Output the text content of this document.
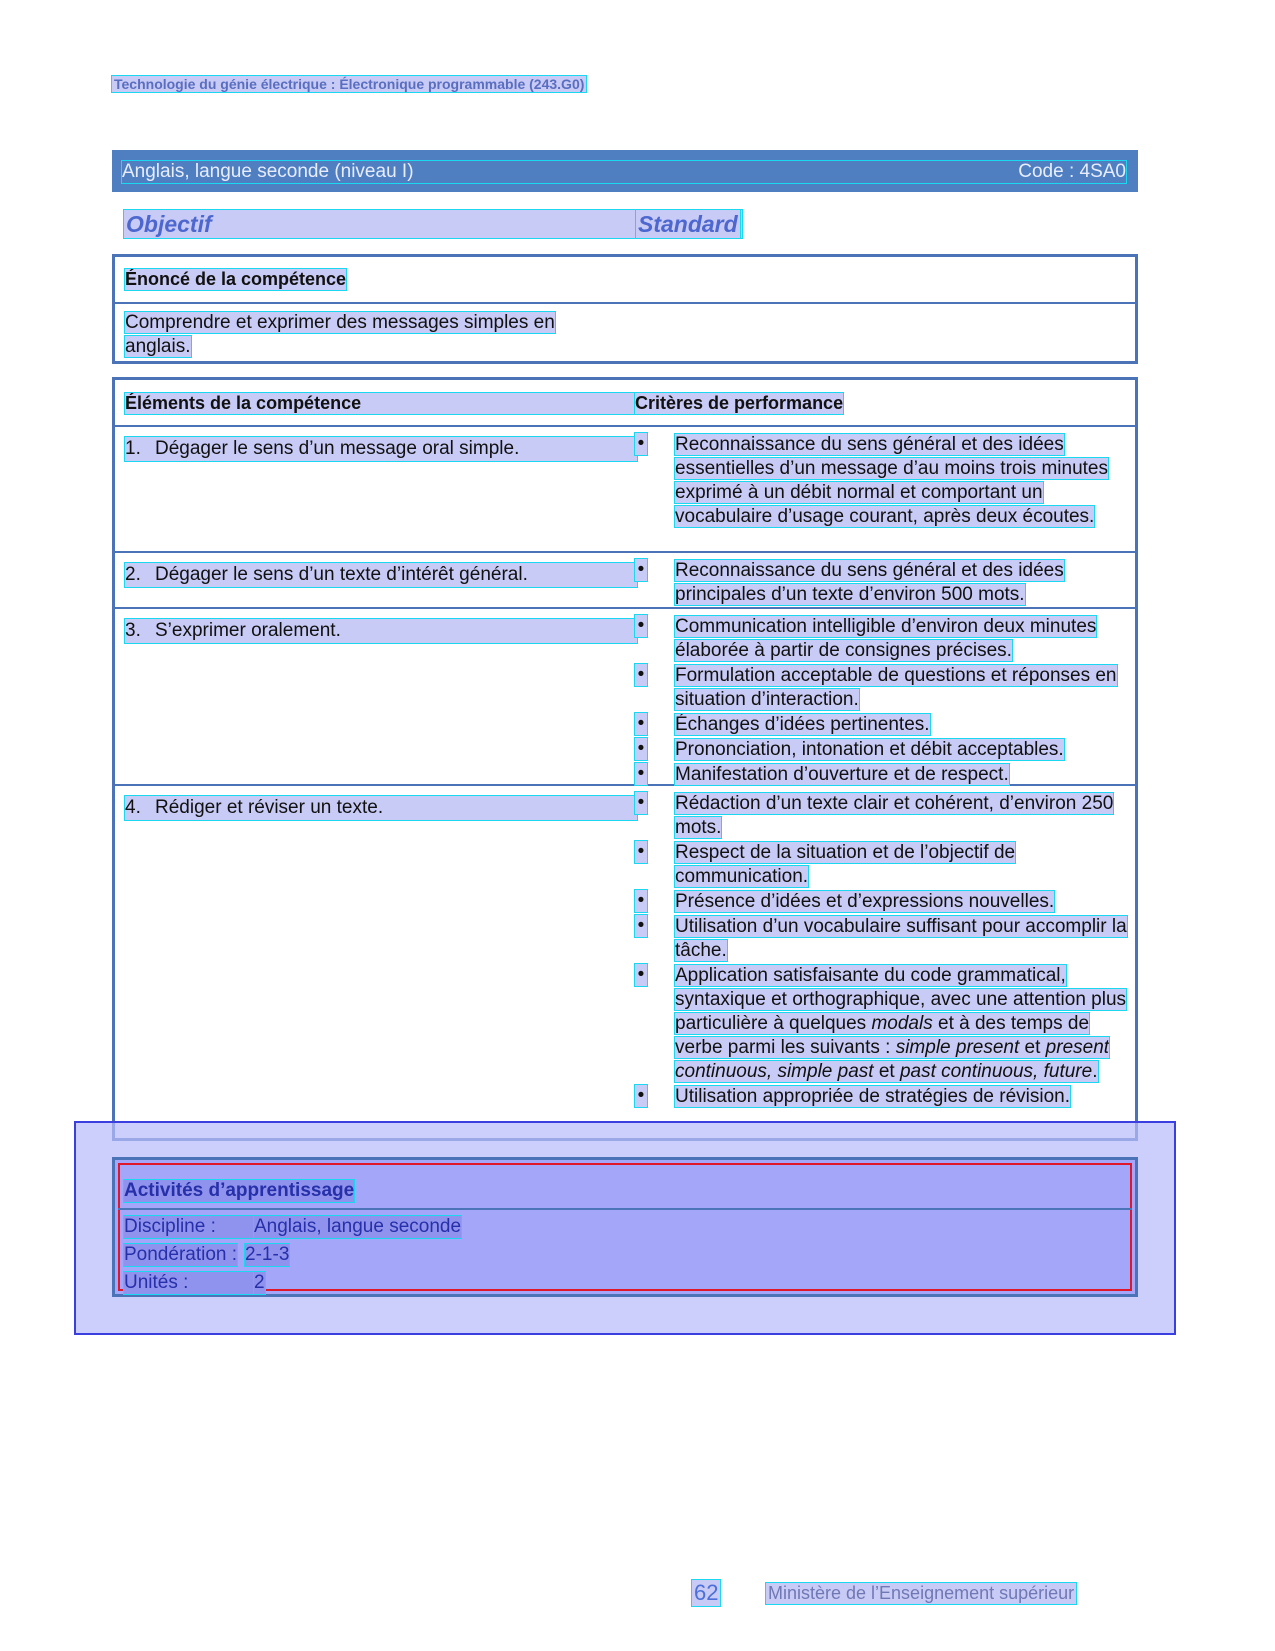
Technologie du génie électrique : Électronique programmable (243.G0)
Anglais, langue seconde (niveau I)	Code : 4SA0
Objectif	Standard
Énoncé de la compétence
Comprendre et exprimer des messages simples en anglais.
Éléments de la compétence	Critères de performance
1. Dégager le sens d’un message oral simple.	• Reconnaissance du sens général et des idées essentielles d’un message d’au moins trois minutes exprimé à un débit normal et comportant un vocabulaire d’usage courant, après deux écoutes.
2. Dégager le sens d’un texte d’intérêt général.	• Reconnaissance du sens général et des idées principales d’un texte d’environ 500 mots.
3. S’exprimer oralement.	• Communication intelligible d’environ deux minutes élaborée à partir de consignes précises.
• Formulation acceptable de questions et réponses en situation d’interaction.
• Échanges d’idées pertinentes.
• Prononciation, intonation et débit acceptables.
• Manifestation d’ouverture et de respect.
4. Rédiger et réviser un texte.	• Rédaction d’un texte clair et cohérent, d’environ 250 mots.
• Respect de la situation et de l’objectif de communication.
• Présence d’idées et d’expressions nouvelles.
• Utilisation d’un vocabulaire suffisant pour accomplir la tâche.
• Application satisfaisante du code grammatical, syntaxique et orthographique, avec une attention plus particulière à quelques modals et à des temps de verbe parmi les suivants : simple present et present continuous, simple past et past continuous, future.
• Utilisation appropriée de stratégies de révision.
Activités d’apprentissage
Discipline :	Anglais, langue seconde
Pondération : 2-1-3
Unités :	2
62	Ministère de l’Enseignement supérieur
